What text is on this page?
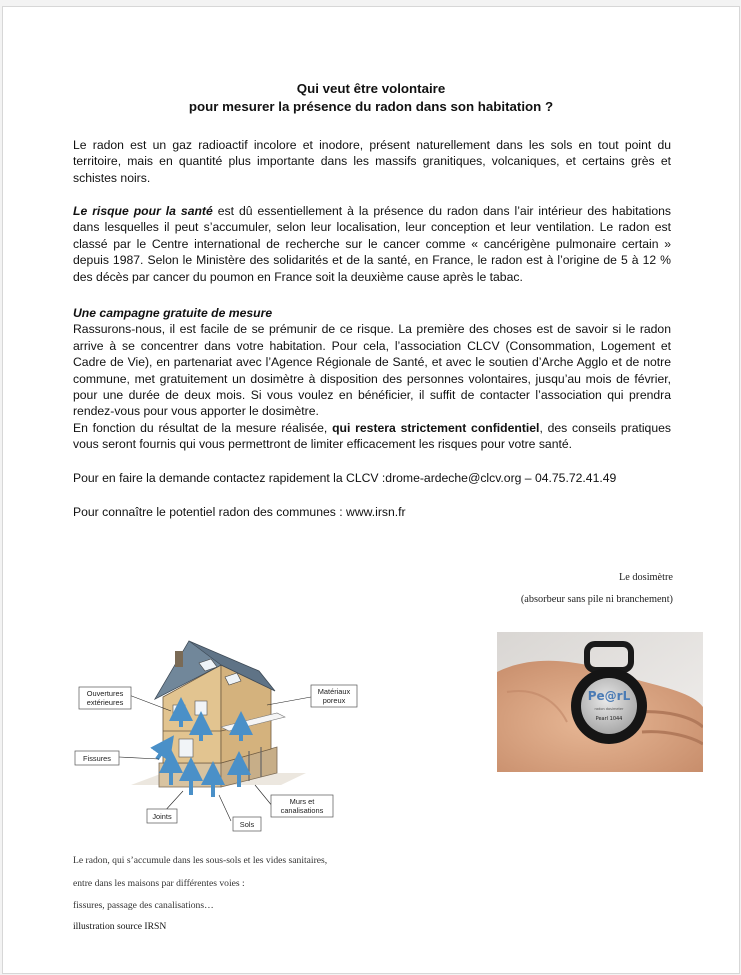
Qui veut être volontaire
pour mesurer la présence du radon dans son habitation ?
Le radon est un gaz radioactif incolore et inodore, présent naturellement dans les sols en tout point du territoire, mais en quantité plus importante dans les massifs granitiques, volcaniques, et certains grès et schistes noirs.
Le risque pour la santé est dû essentiellement à la présence du radon dans l’air intérieur des habitations dans lesquelles il peut s’accumuler, selon leur localisation, leur conception et leur ventilation. Le radon est classé par le Centre international de recherche sur le cancer comme « cancérigène pulmonaire certain » depuis 1987. Selon le Ministère des solidarités et de la santé, en France, le radon est à l’origine de 5 à 12 % des décès par cancer du poumon en France soit la deuxième cause après le tabac.
Une campagne gratuite de mesure
Rassurons-nous, il est facile de se prémunir de ce risque. La première des choses est de savoir si le radon arrive à se concentrer dans votre habitation. Pour cela, l’association CLCV (Consommation, Logement et Cadre de Vie), en partenariat avec l’Agence Régionale de Santé, et avec le soutien d’Arche Agglo et de notre commune, met gratuitement un dosimètre à disposition des personnes volontaires, jusqu’au mois de février, pour une durée de deux mois. Si vous voulez en bénéficier, il suffit de contacter l’association qui prendra rendez-vous pour vous apporter le dosimètre.
En fonction du résultat de la mesure réalisée, qui restera strictement confidentiel, des conseils pratiques vous seront fournis qui vous permettront de limiter efficacement les risques pour votre santé.
Pour en faire la demande contactez rapidement la CLCV :drome-ardeche@clcv.org – 04.75.72.41.49
Pour connaître le potentiel radon des communes : www.irsn.fr
Le dosimètre
(absorbeur sans pile ni branchement)
Pe@rL
radon dosimeter
Pearl 1044
Ouvertures
extérieures
Matériaux
poreux
Fissures
Murs et
canalisations
Joints
Sols
Le radon, qui s’accumule dans les sous-sols et les vides sanitaires,
entre dans les maisons par différentes voies :
fissures, passage des canalisations…
illustration source IRSN
